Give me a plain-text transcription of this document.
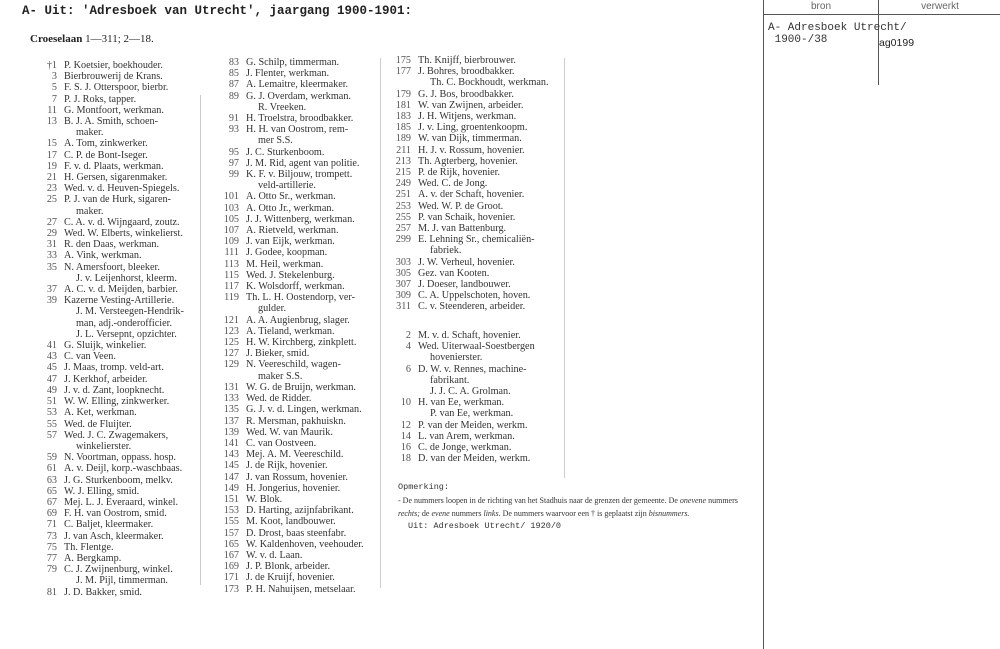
A- Uit: 'Adresboek van Utrecht', jaargang 1900-1901:
Croeselaan 1—311; 2—18.
†1 P. Koetsier, boekhouder.
3 Bierbrouwerij de Krans.
5 F. S. J. Otterspoor, bierbr.
7 P. J. Roks, tapper.
11 G. Montfoort, werkman.
13 B. J. A. Smith, schoen-
maker.
15 A. Tom, zinkwerker.
17 C. P. de Bont-Iseger.
19 F. v. d. Plaats, werkman.
21 H. Gersen, sigarenmaker.
23 Wed. v. d. Heuven-Spiegels.
25 P. J. van de Hurk, sigaren-
maker.
27 C. A. v. d. Wijngaard, zoutz.
29 Wed. W. Elberts, winkelierst.
31 R. den Daas, werkman.
33 A. Vink, werkman.
35 N. Amersfoort, bleeker.
J. v. Leijenhorst, kleerm.
37 A. C. v. d. Meijden, barbier.
39 Kazerne Vesting-Artillerie.
J. M. Versteegen-Hendrik-
man, adj.-onderofficier.
J. L. Versepnt, opzichter.
41 G. Sluijk, winkelier.
43 C. van Veen.
45 J. Maas, tromp. veld-art.
47 J. Kerkhof, arbeider.
49 J. v. d. Zant, loopknecht.
51 W. W. Elling, zinkwerker.
53 A. Ket, werkman.
55 Wed. de Fluijter.
57 Wed. J. C. Zwagemakers,
winkelierster.
59 N. Voortman, oppass. hosp.
61 A. v. Deijl, korp.-waschbaas.
63 J. G. Sturkenboom, melkv.
65 W. J. Elling, smid.
67 Mej. L. J. Everaard, winkel.
69 F. H. van Oostrom, smid.
71 C. Baljet, kleermaker.
73 J. van Asch, kleermaker.
75 Th. Flentge.
77 A. Bergkamp.
79 C. J. Zwijnenburg, winkel.
J. M. Pijl, timmerman.
81 J. D. Bakker, smid.
83 G. Schilp, timmerman.
85 J. Flenter, werkman.
87 A. Lemaitre, kleermaker.
89 G. J. Overdam, werkman.
R. Vreeken.
91 H. Troelstra, broodbakker.
93 H. H. van Oostrom, rem-
mer S.S.
95 J. C. Sturkenboom.
97 J. M. Rid, agent van politie.
99 K. F. v. Biljouw, trompett.
veld-artillerie.
101 A. Otto Sr., werkman.
103 A. Otto Jr., werkman.
105 J. J. Wittenberg, werkman.
107 A. Rietveld, werkman.
109 J. van Eijk, werkman.
111 J. Godee, koopman.
113 M. Heil, werkman.
115 Wed. J. Stekelenburg.
117 K. Wolsdorff, werkman.
119 Th. L. H. Oostendorp, ver-
gulder.
121 A. A. Augienbrug, slager.
123 A. Tieland, werkman.
125 H. W. Kirchberg, zinkplett.
127 J. Bieker, smid.
129 N. Veereschild, wagen-
maker S.S.
131 W. G. de Bruijn, werkman.
133 Wed. de Ridder.
135 G. J. v. d. Lingen, werkman.
137 R. Mersman, pakhuiskn.
139 Wed. W. van Maurik.
141 C. van Oostveen.
143 Mej. A. M. Veereschild.
145 J. de Rijk, hovenier.
147 J. van Rossum, hovenier.
149 H. Jongerius, hovenier.
151 W. Blok.
153 D. Harting, azijnfabrikant.
155 M. Koot, landbouwer.
157 D. Drost, baas steenfabr.
165 W. Kaldenhoven, veehouder.
167 W. v. d. Laan.
169 J. P. Blonk, arbeider.
171 J. de Kruijf, hovenier.
173 P. H. Nahuijsen, metselaar.
175 Th. Knijff, bierbrouwer.
177 J. Bohres, broodbakker.
Th. C. Bockhoudt, werkman.
179 G. J. Bos, broodbakker.
181 W. van Zwijnen, arbeider.
183 J. H. Witjens, werkman.
185 J. v. Ling, groentenkoopm.
189 W. van Dijk, timmerman.
211 H. J. v. Rossum, hovenier.
213 Th. Agterberg, hovenier.
215 P. de Rijk, hovenier.
249 Wed. C. de Jong.
251 A. v. der Schaft, hovenier.
253 Wed. W. P. de Groot.
255 P. van Schaik, hovenier.
257 M. J. van Battenburg.
299 E. Lehning Sr., chemicaliën-
fabriek.
303 J. W. Verheul, hovenier.
305 Gez. van Kooten.
307 J. Doeser, landbouwer.
309 C. A. Uppelschoten, hoven.
311 C. v. Steenderen, arbeider.
2 M. v. d. Schaft, hovenier.
4 Wed. Uiterwaal-Soestbergen
hovenierster.
6 D. W. v. Rennes, machine-
fabrikant.
J. J. C. A. Grolman.
10 H. van Ee, werkman.
P. van Ee, werkman.
12 P. van der Meiden, werkm.
14 L. van Arem, werkman.
16 C. de Jonge, werkman.
18 D. van der Meiden, werkm.
Opmerking:
- De nummers loopen in de richting van het Stadhuis naar de grenzen der gemeente. De onevene nummers rechts; de evene nummers links. De nummers waarvoor een † is geplaatst zijn bisnummers.
Uit: Adresboek Utrecht/ 1920/0
bron	verwerkt
A- Adresboek Utrecht/
1900-/38	ag0199
